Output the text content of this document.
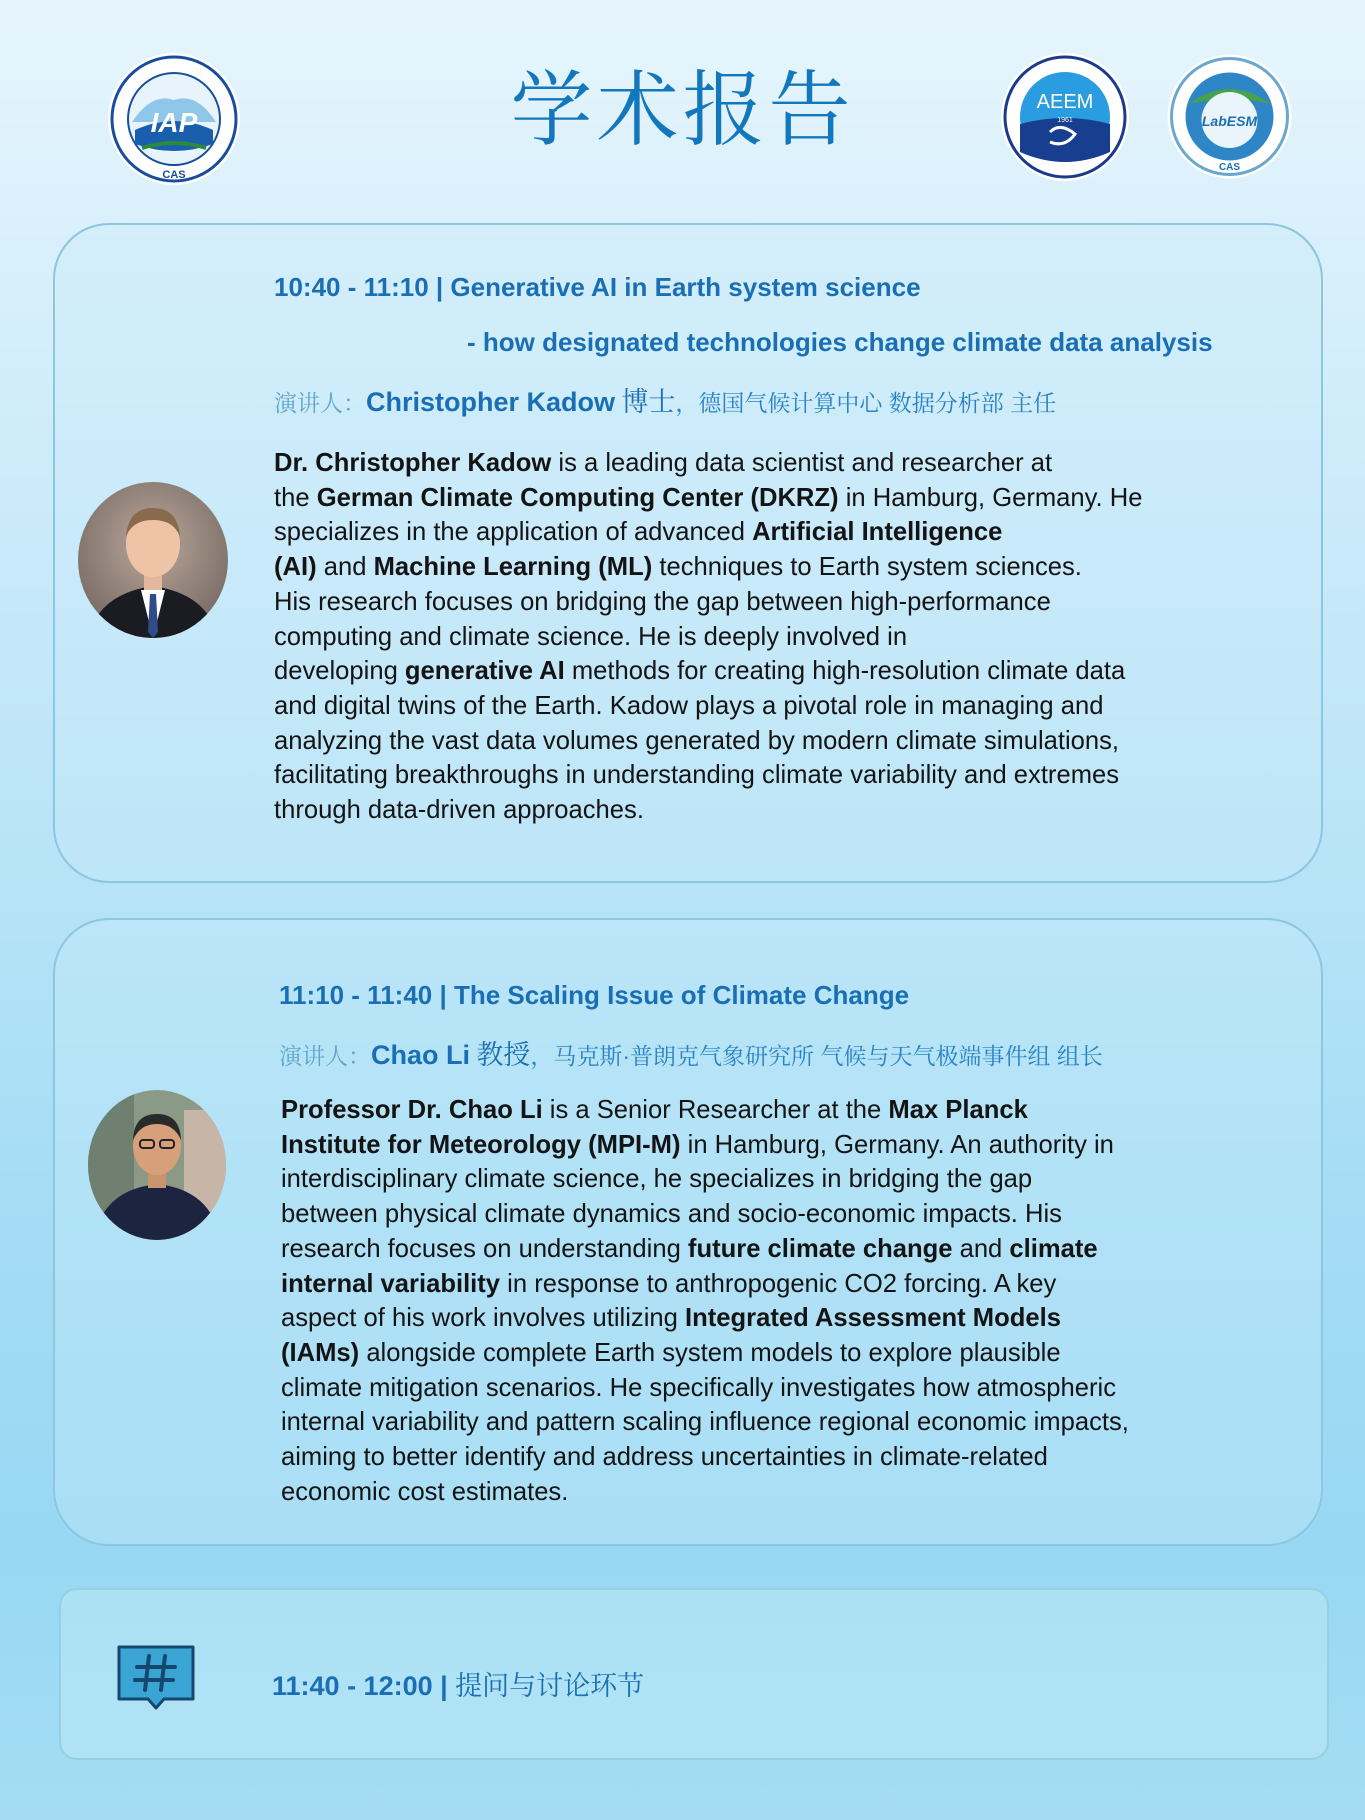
IAP
CAS
学术报告	AEEM
1961	LabESM
CAS
10:40 - 11:10 | Generative AI in Earth system science
- how designated technologies change climate data analysis
演讲人：Christopher Kadow 博士，德国气候计算中心 数据分析部 主任
Dr. Christopher Kadow is a leading data scientist and researcher at
the German Climate Computing Center (DKRZ) in Hamburg, Germany. He
specializes in the application of advanced Artificial Intelligence
(AI) and Machine Learning (ML) techniques to Earth system sciences.
His research focuses on bridging the gap between high-performance
computing and climate science. He is deeply involved in
developing generative AI methods for creating high-resolution climate data
and digital twins of the Earth. Kadow plays a pivotal role in managing and
analyzing the vast data volumes generated by modern climate simulations,
facilitating breakthroughs in understanding climate variability and extremes
through data-driven approaches.
11:10 - 11:40 | The Scaling Issue of Climate Change
演讲人：Chao Li 教授，马克斯·普朗克气象研究所 气候与天气极端事件组 组长
Professor Dr. Chao Li is a Senior Researcher at the Max Planck
Institute for Meteorology (MPI-M) in Hamburg, Germany. An authority in
interdisciplinary climate science, he specializes in bridging the gap
between physical climate dynamics and socio-economic impacts. His
research focuses on understanding future climate change and climate
internal variability in response to anthropogenic CO2 forcing. A key
aspect of his work involves utilizing Integrated Assessment Models
(IAMs) alongside complete Earth system models to explore plausible
climate mitigation scenarios. He specifically investigates how atmospheric
internal variability and pattern scaling influence regional economic impacts,
aiming to better identify and address uncertainties in climate-related
economic cost estimates.
11:40 - 12:00 | 提问与讨论环节
